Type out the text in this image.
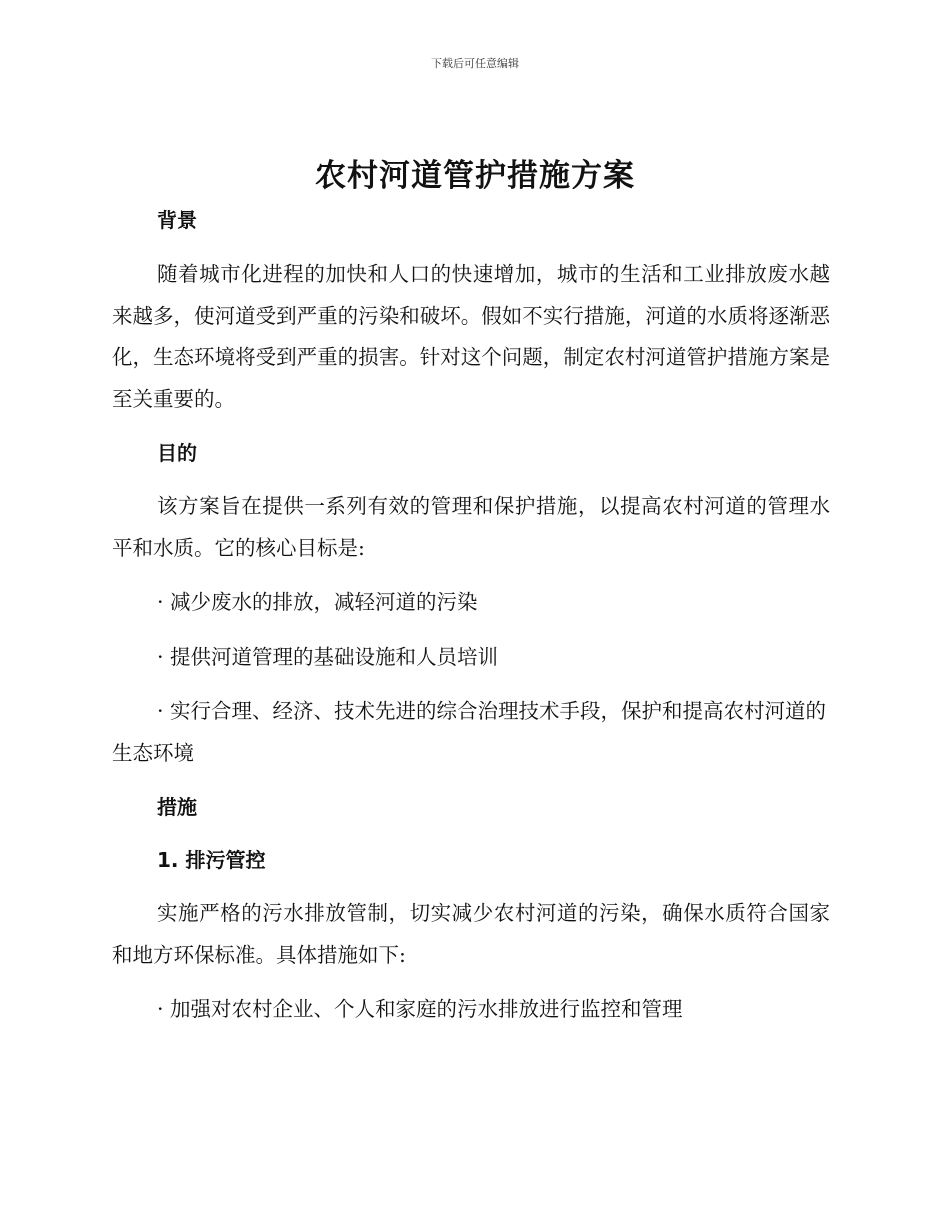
下载后可任意编辑
农村河道管护措施方案
背景

随着城市化进程的加快和人口的快速增加，城市的生活和工业排放废水越来越多，使河道受到严重的污染和破坏。假如不实行措施，河道的水质将逐渐恶化，生态环境将受到严重的损害。针对这个问题，制定农村河道管护措施方案是至关重要的。

目的

该方案旨在提供一系列有效的管理和保护措施，以提高农村河道的管理水平和水质。它的核心目标是:

· 减少废水的排放，减轻河道的污染

· 提供河道管理的基础设施和人员培训

· 实行合理、经济、技术先进的综合治理技术手段，保护和提高农村河道的生态环境

措施
1. 排污管控

实施严格的污水排放管制，切实减少农村河道的污染，确保水质符合国家和地方环保标准。具体措施如下:

· 加强对农村企业、个人和家庭的污水排放进行监控和管理
